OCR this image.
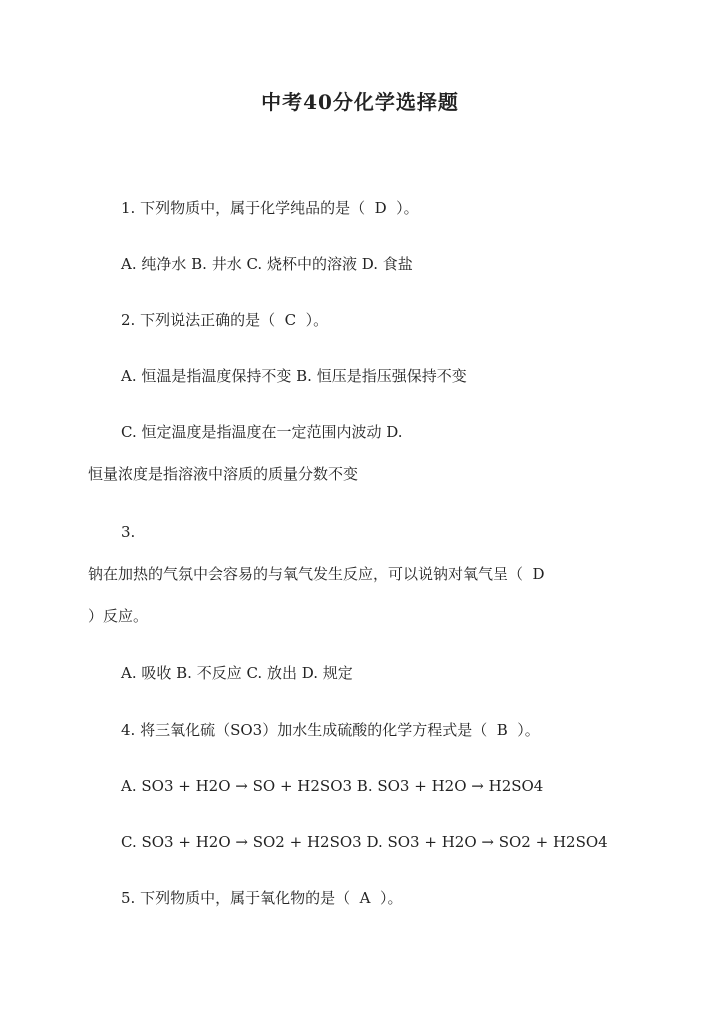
中考40分化学选择题
1. 下列物质中，属于化学纯品的是（  D  ）。
A. 纯净水 B. 井水 C. 烧杯中的溶液 D. 食盐
2. 下列说法正确的是（  C  ）。
A. 恒温是指温度保持不变 B. 恒压是指压强保持不变
C. 恒定温度是指温度在一定范围内波动 D.
恒量浓度是指溶液中溶质的质量分数不变
3.
钠在加热的气氛中会容易的与氧气发生反应，可以说钠对氧气呈（  D
）反应。
A. 吸收 B. 不反应 C. 放出 D. 规定
4. 将三氧化硫（SO3）加水生成硫酸的化学方程式是（  B  ）。
A. SO3 + H2O → SO + H2SO3 B. SO3 + H2O → H2SO4
C. SO3 + H2O → SO2 + H2SO3 D. SO3 + H2O → SO2 + H2SO4
5. 下列物质中，属于氧化物的是（  A  ）。
